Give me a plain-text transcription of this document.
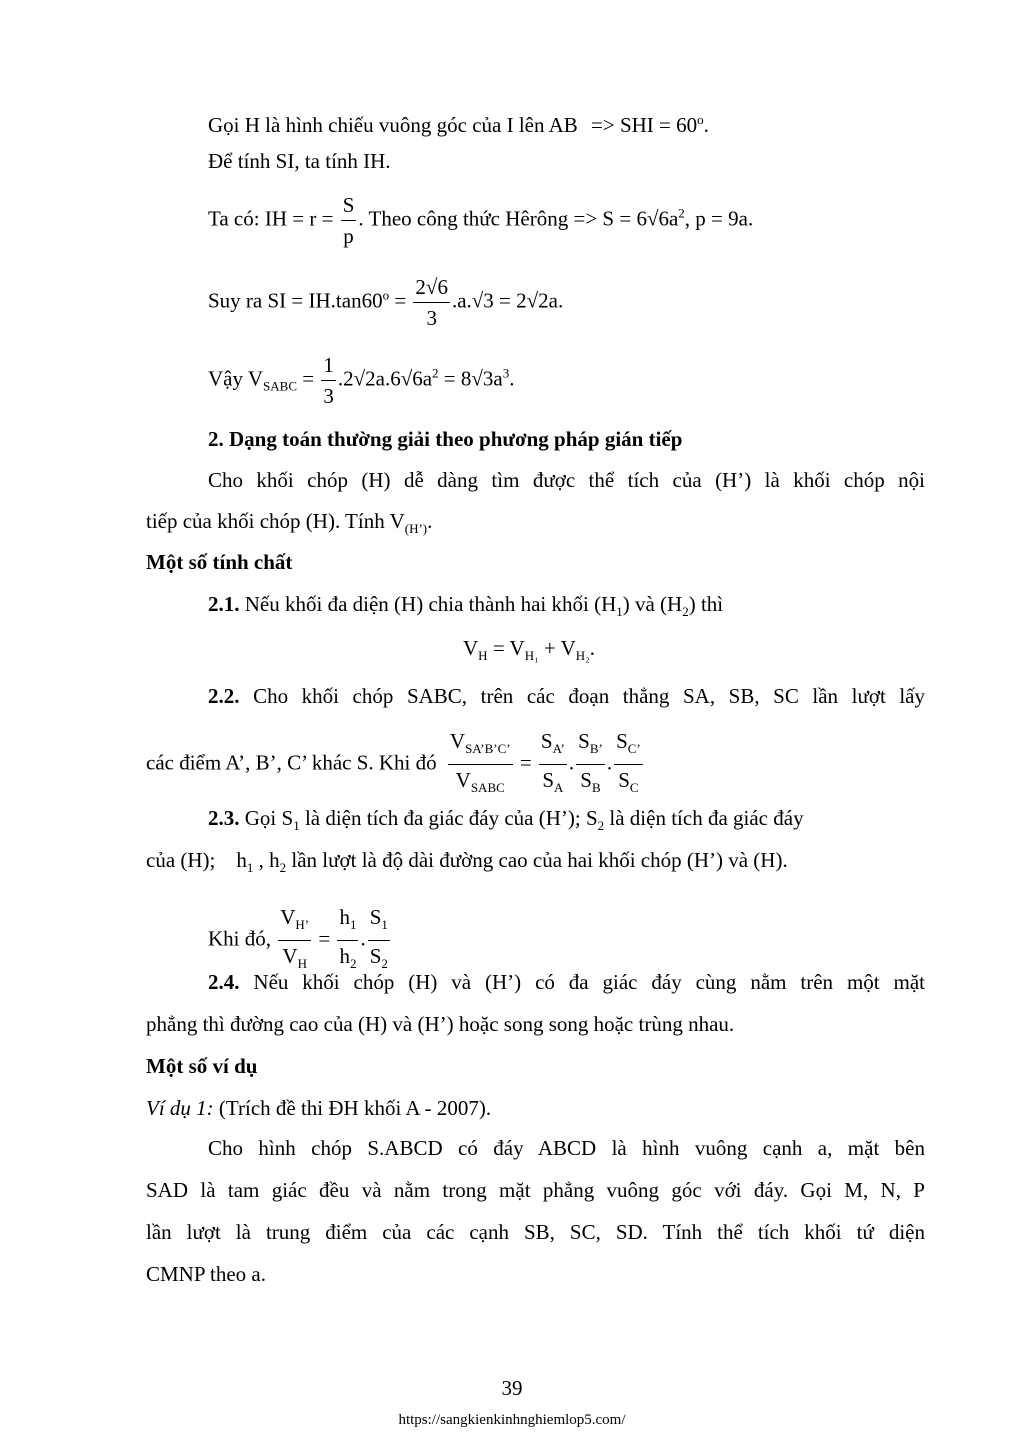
Gọi H là hình chiếu vuông góc của I lên AB => SHI = $60^o$.
Để tính SI, ta tính IH.
Ta có: IH = $r = \frac{S}{p}$ . Theo công thức Hêrông => $S = 6√6a^2$, p = 9a.
Suy ra SI = $IH.\tan 60^o = \frac{2√6}{3} .a.√3 = 2√2a$.
Vậy $V_{SABC} = \frac{1}{3} .2√2a.6√6a^2 = 8√3a^3$.
2. Dạng toán thường giải theo phương pháp gián tiếp
Cho khối chóp (H) dễ dàng tìm được thể tích của (H’) là khối chóp nội
tiếp của khối chóp (H). Tính $V_{(H’)}$.
Một số tính chất
2.1. Nếu khối đa diện (H) chia thành hai khối $(H_1)$ và $(H_2)$ thì
$V_H = V_{H_1} + V_{H_2}$.
2.2. Cho khối chóp SABC, trên các đoạn thẳng SA, SB, SC lần lượt lấy
các điểm A’, B’, C’ khác S. Khi đó $\frac{V_{SA’B’C’}}{V_{SABC}} = \frac{S_{A’}}{S_A}$ . $\frac{S_{B’}}{S_B}$ . $\frac{S_{C’}}{S_C}$
2.3. Gọi $S_1$ là diện tích đa giác đáy của (H’); $S_2$ là diện tích đa giác đáy
của (H);    $h_1$ , $h_2$ lần lượt là độ dài đường cao của hai khối chóp (H’) và (H).
Khi đó, $\frac{V_{H’}}{V_H} = \frac{h_1}{h_2}$ . $\frac{S_1}{S_2}$
2.4. Nếu khối chóp (H) và (H’) có đa giác đáy cùng nằm trên một mặt
phẳng thì đường cao của (H) và (H’) hoặc song song hoặc trùng nhau.
Một số ví dụ
Ví dụ 1: (Trích đề thi ĐH khối A - 2007).
Cho hình chóp S.ABCD có đáy ABCD là hình vuông cạnh a, mặt bên
SAD là tam giác đều và nằm trong mặt phẳng vuông góc với đáy. Gọi M, N, P
lần lượt là trung điểm của các cạnh SB, SC, SD. Tính thể tích khối tứ diện
CMNP theo a.
39
https://sangkienkinhnghiemlop5.com/
